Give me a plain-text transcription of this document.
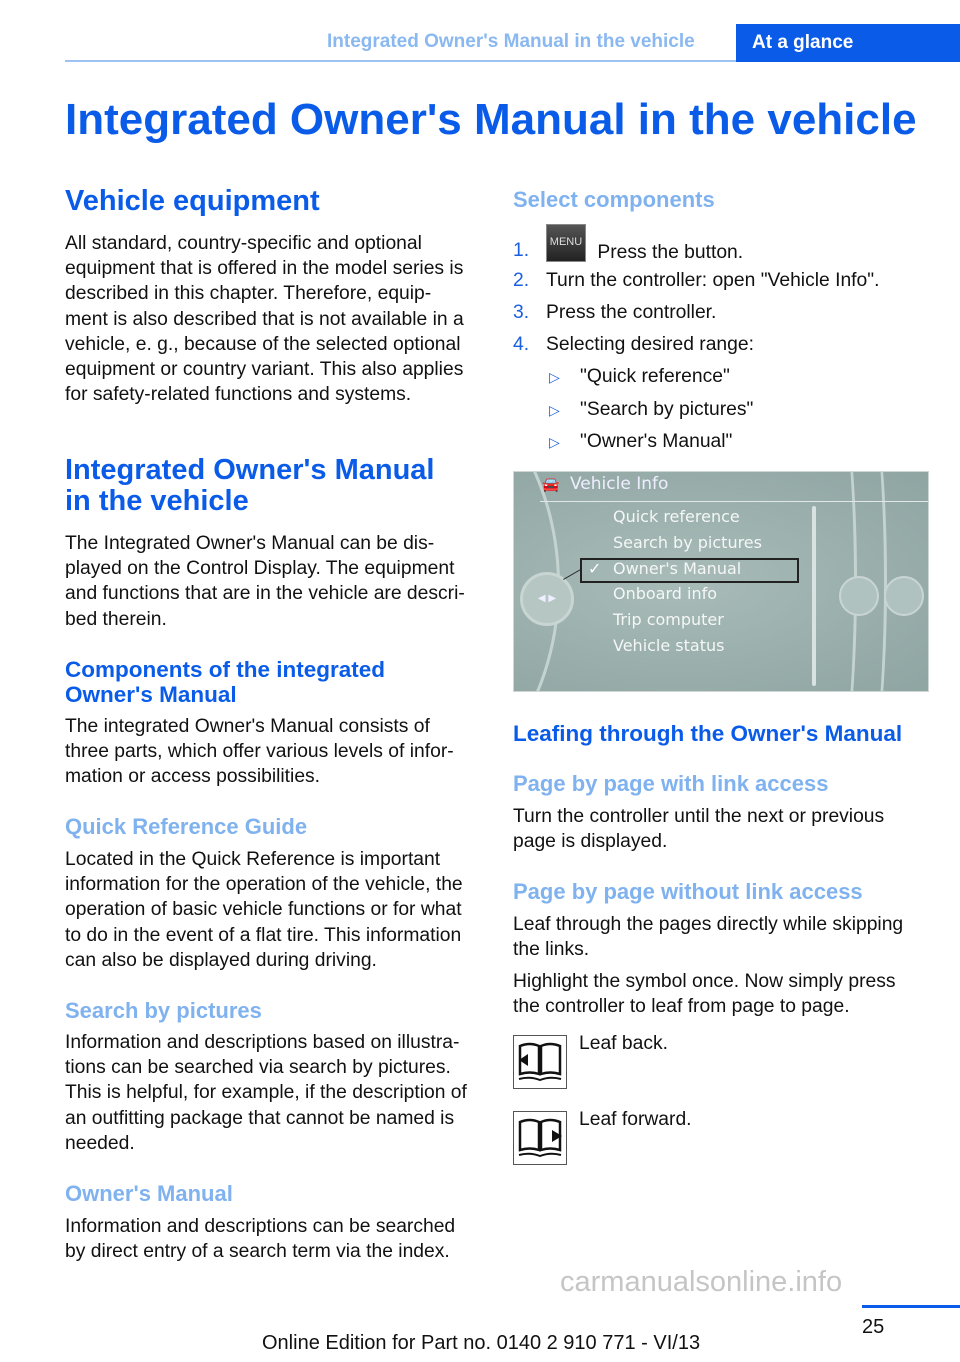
Integrated Owner's Manual in the vehicle	At a glance
Integrated Owner's Manual in the vehicle
Vehicle equipment
All standard, country-specific and optional
equipment that is offered in the model series is
described in this chapter. Therefore, equip-
ment is also described that is not available in a
vehicle, e. g., because of the selected optional
equipment or country variant. This also applies
for safety-related functions and systems.
Integrated Owner's Manual
in the vehicle
The Integrated Owner's Manual can be dis-
played on the Control Display. The equipment
and functions that are in the vehicle are descri-
bed therein.
Components of the integrated
Owner's Manual
The integrated Owner's Manual consists of
three parts, which offer various levels of infor-
mation or access possibilities.
Quick Reference Guide
Located in the Quick Reference is important
information for the operation of the vehicle, the
operation of basic vehicle functions or for what
to do in the event of a flat tire. This information
can also be displayed during driving.
Search by pictures
Information and descriptions based on illustra-
tions can be searched via search by pictures.
This is helpful, for example, if the description of
an outfitting package that cannot be named is
needed.
Owner's Manual
Information and descriptions can be searched
by direct entry of a search term via the index.
Select components
1.	MENU Press the button.
2. Turn the controller: open "Vehicle Info".
3. Press the controller.
4. Selecting desired range:
▷ "Quick reference"
▷ "Search by pictures"
▷ "Owner's Manual"
🚘 Vehicle Info
◀ ▶
✓
Quick reference
Search by pictures
Owner's Manual
Onboard info
Trip computer
Vehicle status
Leafing through the Owner's Manual
Page by page with link access
Turn the controller until the next or previous
page is displayed.
Page by page without link access
Leaf through the pages directly while skipping
the links.
Highlight the symbol once. Now simply press
the controller to leaf from page to page.
Leaf back.
Leaf forward.
carmanualsonline.info
25
Online Edition for Part no. 0140 2 910 771 - VI/13
